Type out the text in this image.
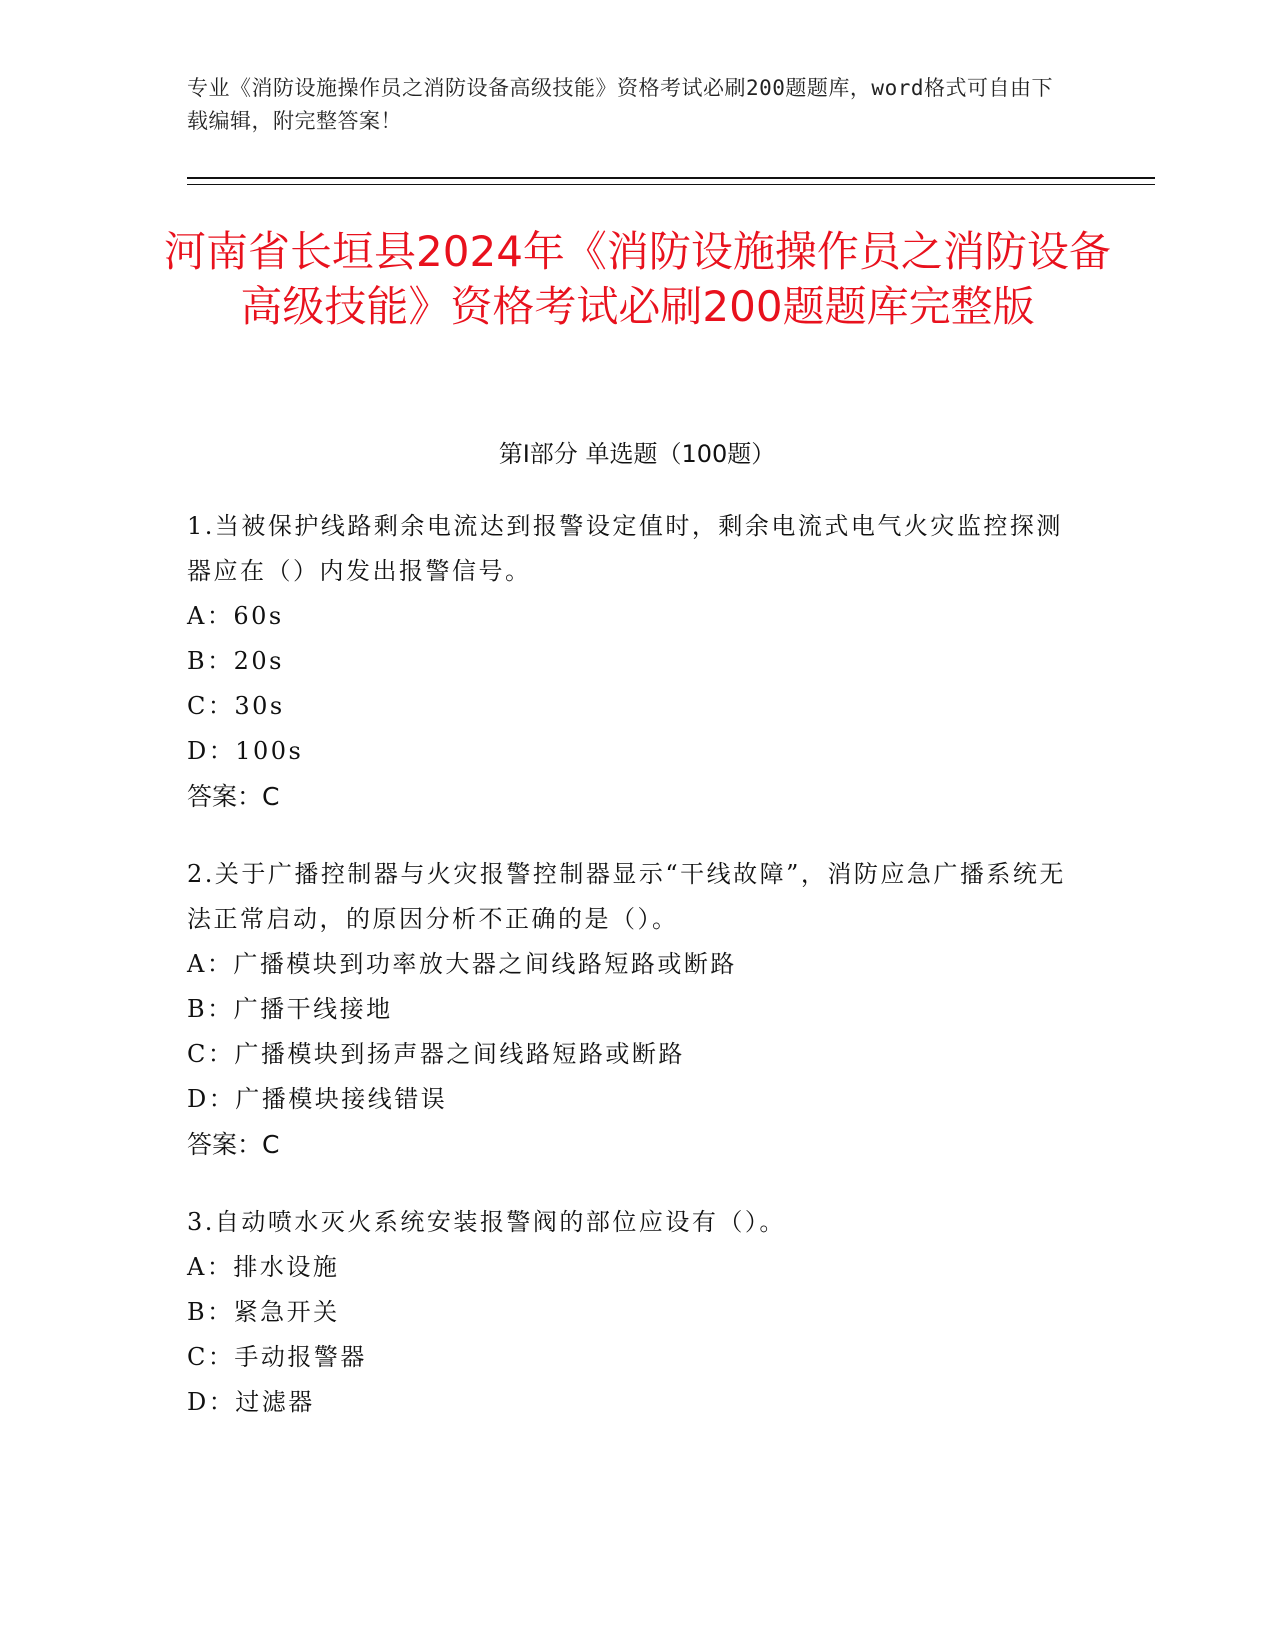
专业《消防设施操作员之消防设备高级技能》资格考试必刷200题题库，word格式可自由下载编辑，附完整答案！
河南省长垣县2024年《消防设施操作员之消防设备高级技能》资格考试必刷200题题库完整版
第Ⅰ部分 单选题（100题）

1.当被保护线路剩余电流达到报警设定值时，剩余电流式电气火灾监控探测器应在（）内发出报警信号。

A：60s

B：20s

C：30s

D：100s

答案：C

2.关于广播控制器与火灾报警控制器显示“干线故障”，消防应急广播系统无法正常启动，的原因分析不正确的是（）。

A：广播模块到功率放大器之间线路短路或断路

B：广播干线接地

C：广播模块到扬声器之间线路短路或断路

D：广播模块接线错误

答案：C

3.自动喷水灭火系统安装报警阀的部位应设有（）。

A：排水设施

B：紧急开关

C：手动报警器

D：过滤器
